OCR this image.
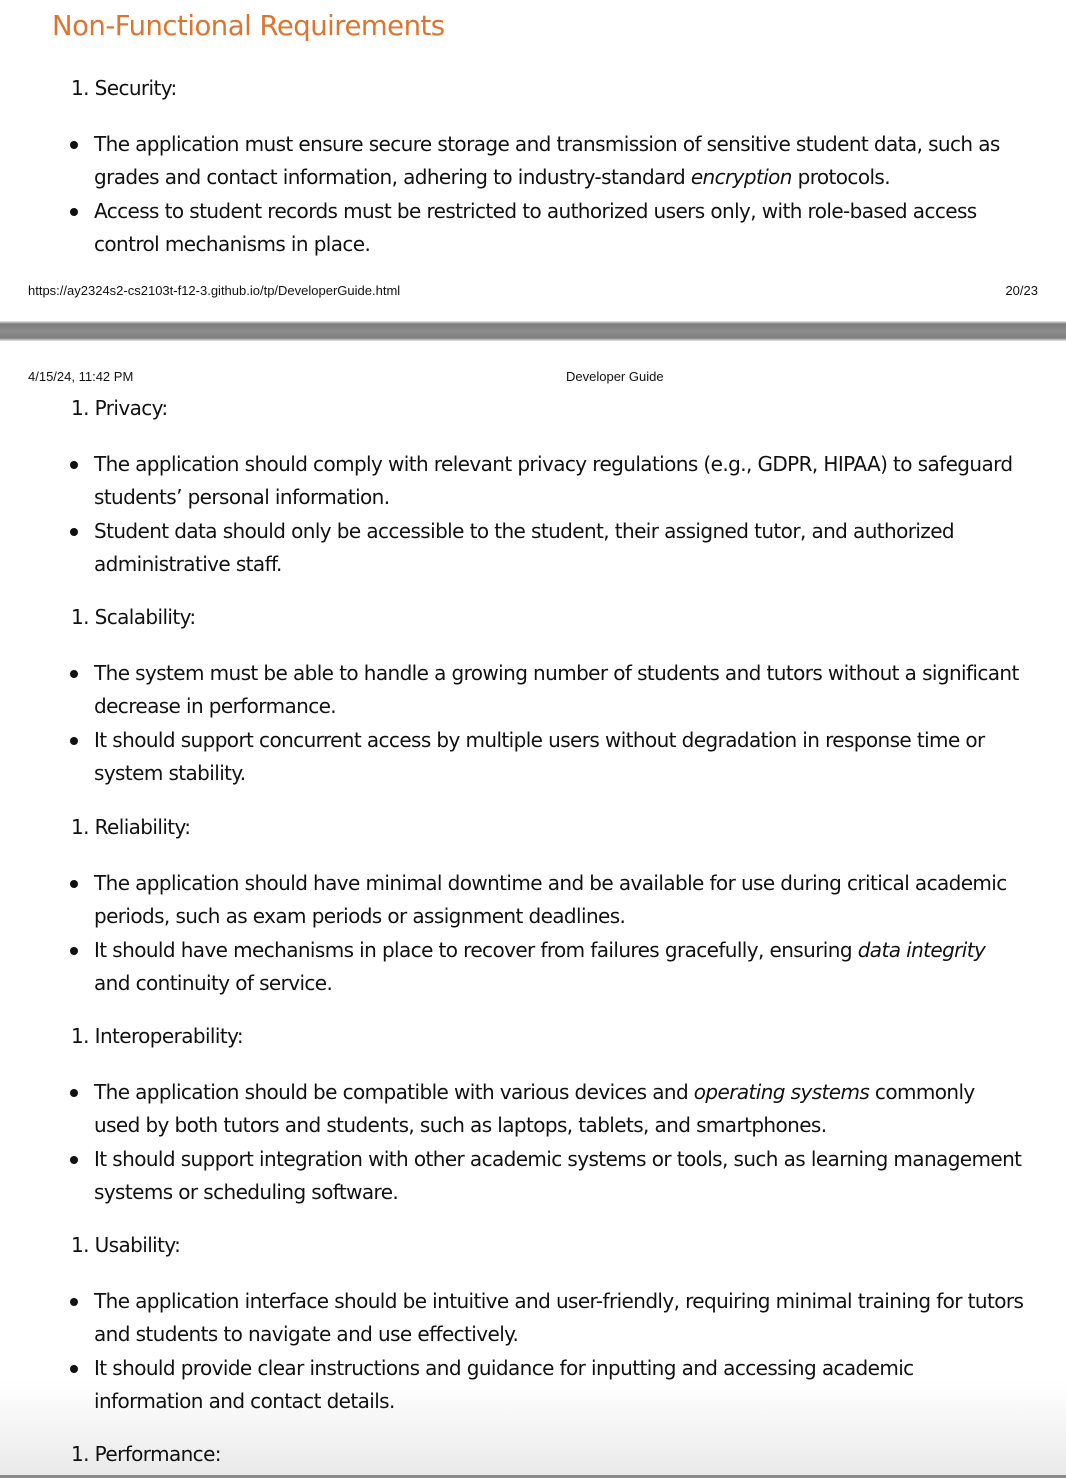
Non-Functional Requirements
1. Security:
The application must ensure secure storage and transmission of sensitive student data, such as grades and contact information, adhering to industry-standard encryption protocols.
Access to student records must be restricted to authorized users only, with role-based access control mechanisms in place.
https://ay2324s2-cs2103t-f12-3.github.io/tp/DeveloperGuide.html	20/23
4/15/24, 11:42 PM	Developer Guide
1. Privacy:
The application should comply with relevant privacy regulations (e.g., GDPR, HIPAA) to safeguard students’ personal information.
Student data should only be accessible to the student, their assigned tutor, and authorized administrative staff.
1. Scalability:
The system must be able to handle a growing number of students and tutors without a significant decrease in performance.
It should support concurrent access by multiple users without degradation in response time or system stability.
1. Reliability:
The application should have minimal downtime and be available for use during critical academic periods, such as exam periods or assignment deadlines.
It should have mechanisms in place to recover from failures gracefully, ensuring data integrity and continuity of service.
1. Interoperability:
The application should be compatible with various devices and operating systems commonly used by both tutors and students, such as laptops, tablets, and smartphones.
It should support integration with other academic systems or tools, such as learning management systems or scheduling software.
1. Usability:
The application interface should be intuitive and user-friendly, requiring minimal training for tutors and students to navigate and use effectively.
It should provide clear instructions and guidance for inputting and accessing academic information and contact details.
1. Performance:
